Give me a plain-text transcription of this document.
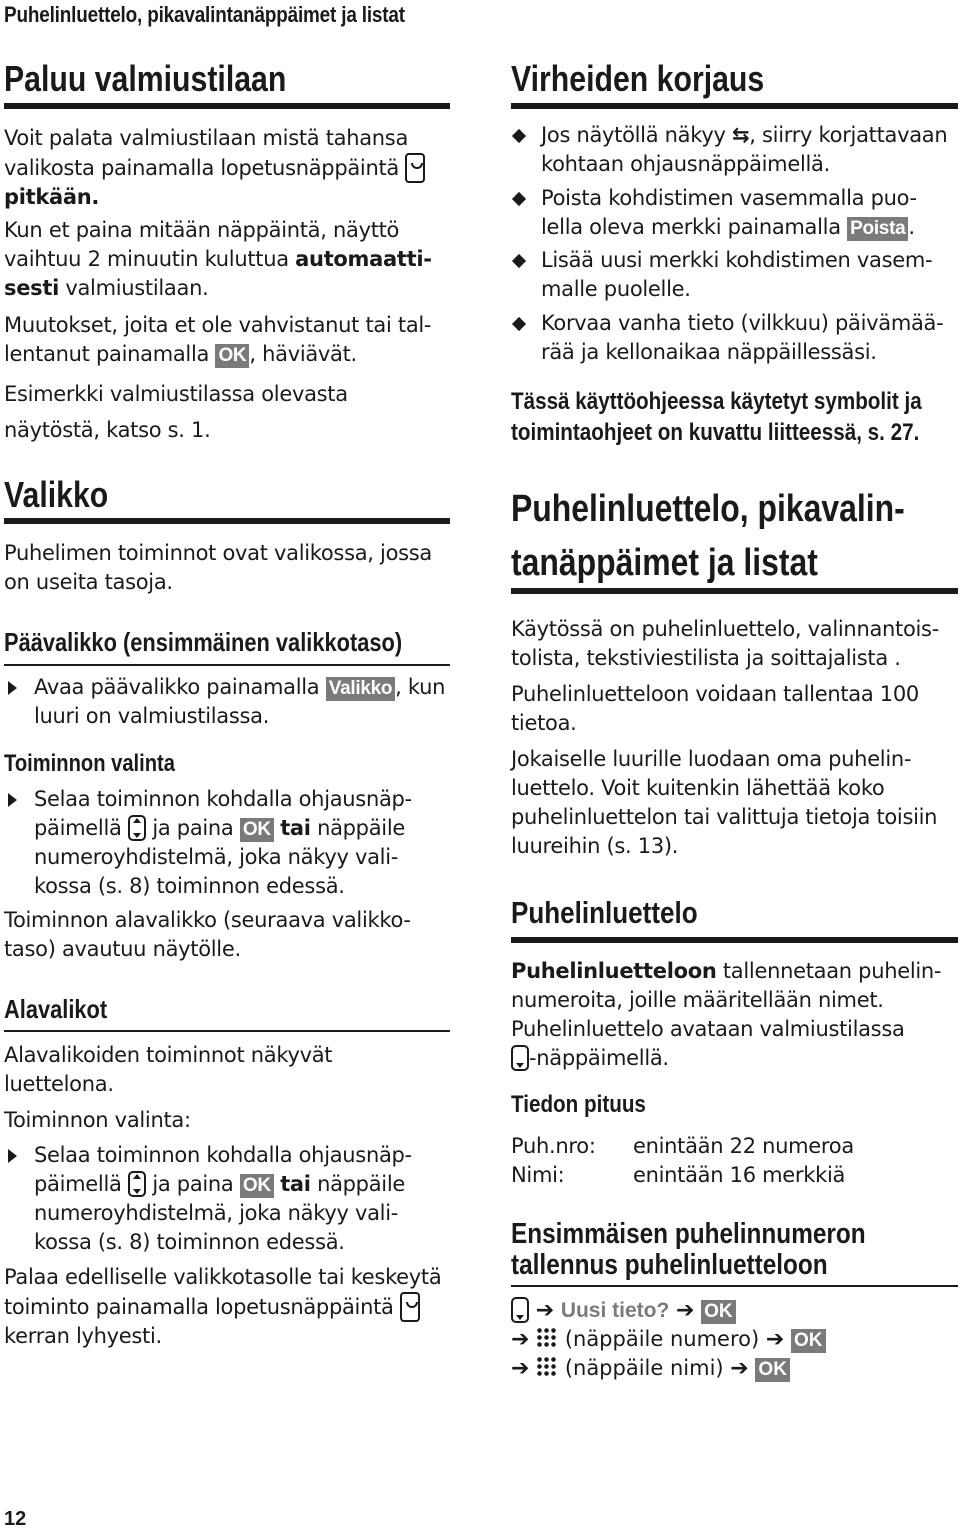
Puhelinluettelo, pikavalintanäppäimet ja listat
Paluu valmiustilaan

Voit palata valmiustilaan mistä tahansa
valikosta painamalla lopetusnäppäintä
pitkään.

Kun et paina mitään näppäintä, näyttö
vaihtuu 2 minuutin kuluttua automaatti-
sesti valmiustilaan.

Muutokset, joita et ole vahvistanut tai tal-
lentanut painamalla OK , häviävät.

Esimerkki valmiustilassa olevasta
näytöstä, katso s. 1.

Valikko

Puhelimen toiminnot ovat valikossa, jossa
on useita tasoja.

Päävalikko (ensimmäinen valikkotaso)
Avaa päävalikko painamalla Valikko , kun
luuri on valmiustilassa.
Toiminnon valinta
Selaa toiminnon kohdalla ohjausnäp-
päimellä
ja paina OK tai näppäile
numeroyhdistelmä, joka näkyy vali-
kossa (s. 8) toiminnon edessä.

Toiminnon alavalikko (seuraava valikko-
taso) avautuu näytölle.

Alavalikot

Alavalikoiden toiminnot näkyvät
luettelona.

Toiminnon valinta:

Selaa toiminnon kohdalla ohjausnäp-
päimellä
ja paina OK tai näppäile
numeroyhdistelmä, joka näkyy vali-
kossa (s. 8) toiminnon edessä.

Palaa edelliselle valikkotasolle tai keskeytä
toiminto painamalla lopetusnäppäintä
kerran lyhyesti.

Virheiden korjaus
Jos näytöllä näkyy ⇆, siirry korjattavaan
kohtaan ohjausnäppäimellä.
Poista kohdistimen vasemmalla puo-
lella oleva merkki painamalla Poista .
Lisää uusi merkki kohdistimen vasem-
malle puolelle.
Korvaa vanha tieto (vilkkuu) päivämää-
rää ja kellonaikaa näppäillessäsi.
Tässä käyttöohjeessa käytetyt symbolit ja
toimintaohjeet on kuvattu liitteessä, s. 27.
Puhelinluettelo, pikavalin-
tanäppäimet ja listat

Käytössä on puhelinluettelo, valinnantois-
tolista, tekstiviestilista ja soittajalista .

Puhelinluetteloon voidaan tallentaa 100
tietoa.

Jokaiselle luurille luodaan oma puhelin-
luettelo. Voit kuitenkin lähettää koko
puhelinluettelon tai valittuja tietoja toisiin
luureihin (s. 13).

Puhelinluettelo

Puhelinluetteloon tallennetaan puhelin-
numeroita, joille määritellään nimet.

Puhelinluettelo avataan valmiustilassa

-näppäimellä.

Tiedon pituus
Puh.nro: enintään 22 numeroa
Nimi:	enintään 16 merkkiä
Ensimmäisen puhelinnumeron
tallennus puhelinluetteloon
➔ Uusi tieto? ➔ OK
➔ (näppäile numero) ➔ OK
➔ (näppäile nimi) ➔ OK
12
